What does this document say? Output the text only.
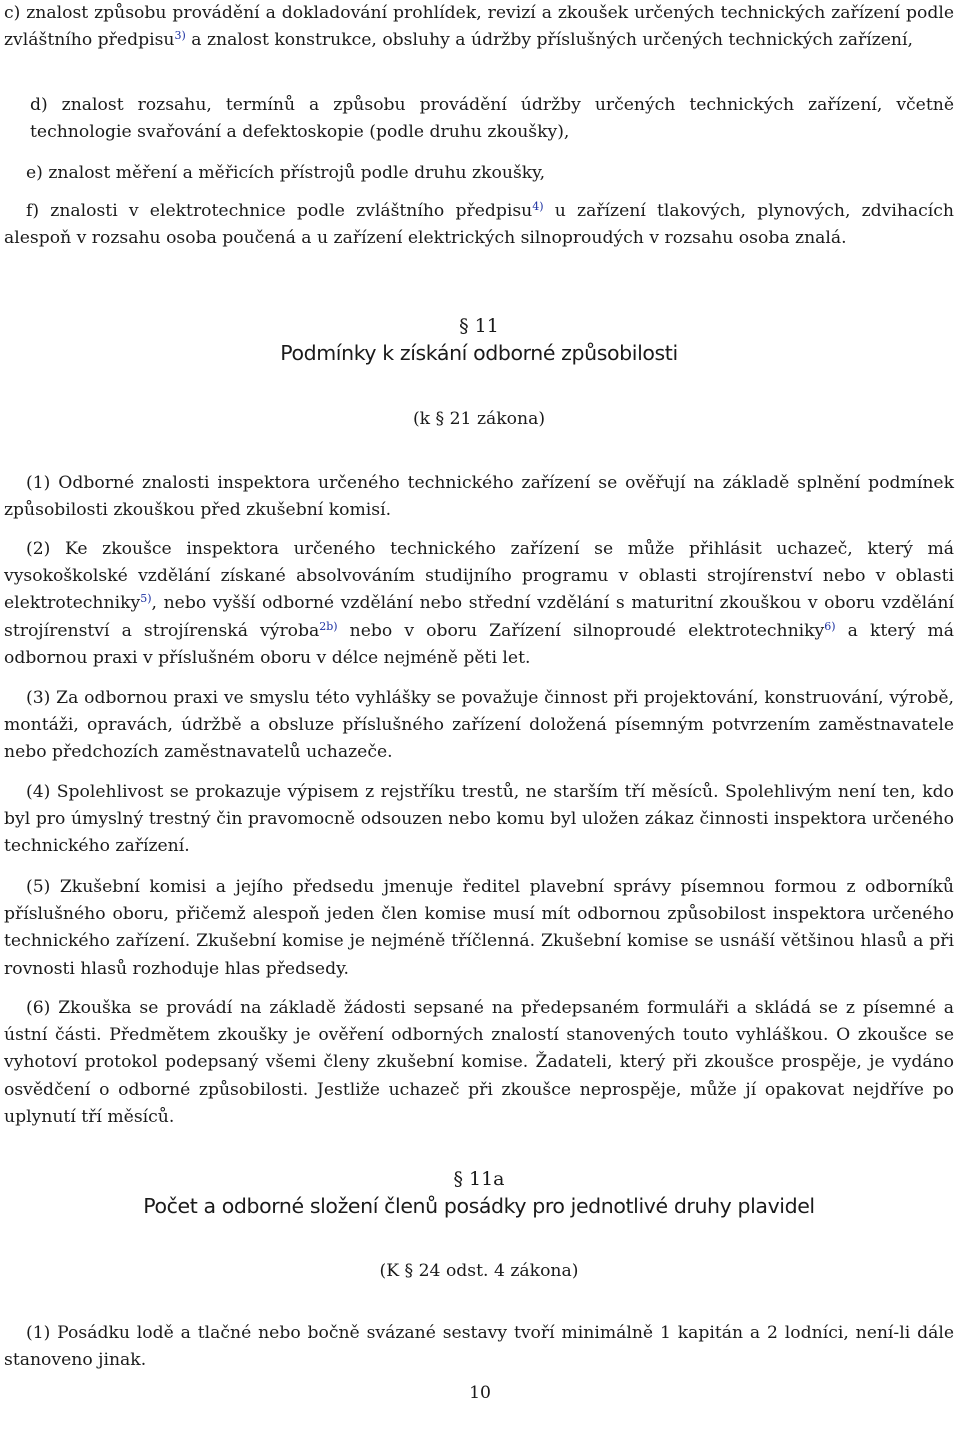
c) znalost způsobu provádění a dokladování prohlídek, revizí a zkoušek určených technických zařízení podle zvláštního předpisu$^{3)}$ a znalost konstrukce, obsluhy a údržby příslušných určených technických zařízení,

d) znalost rozsahu, termínů a způsobu provádění údržby určených technických zařízení, včetně technologie svařování a defektoskopie (podle druhu zkoušky),

e) znalost měření a měřicích přístrojů podle druhu zkoušky,

f) znalosti v elektrotechnice podle zvláštního předpisu$^{4)}$ u zařízení tlakových, plynových, zdvihacích alespoň v rozsahu osoba poučená a u zařízení elektrických silnoproudých v rozsahu osoba znalá.

§ 11

Podmínky k získání odborné způsobilosti

(k § 21 zákona)

(1) Odborné znalosti inspektora určeného technického zařízení se ověřují na základě splnění podmínek způsobilosti zkouškou před zkušební komisí.

(2) Ke zkoušce inspektora určeného technického zařízení se může přihlásit uchazeč, který má vysokoškolské vzdělání získané absolvováním studijního programu v oblasti strojírenství nebo v oblasti elektrotechniky$^{5)}$, nebo vyšší odborné vzdělání nebo střední vzdělání s maturitní zkouškou v oboru vzdělání strojírenství a strojírenská výroba$^{2b)}$ nebo v oboru Zařízení silnoproudé elektrotechniky$^{6)}$ a který má odbornou praxi v příslušném oboru v délce nejméně pěti let.

(3) Za odbornou praxi ve smyslu této vyhlášky se považuje činnost při projektování, konstruování, výrobě, montáži, opravách, údržbě a obsluze příslušného zařízení doložená písemným potvrzením zaměstnavatele nebo předchozích zaměstnavatelů uchazeče.

(4) Spolehlivost se prokazuje výpisem z rejstříku trestů, ne starším tří měsíců. Spolehlivým není ten, kdo byl pro úmyslný trestný čin pravomocně odsouzen nebo komu byl uložen zákaz činnosti inspektora určeného technického zařízení.

(5) Zkušební komisi a jejího předsedu jmenuje ředitel plavební správy písemnou formou z odborníků příslušného oboru, přičemž alespoň jeden člen komise musí mít odbornou způsobilost inspektora určeného technického zařízení. Zkušební komise je nejméně tříčlenná. Zkušební komise se usnáší většinou hlasů a při rovnosti hlasů rozhoduje hlas předsedy.

(6) Zkouška se provádí na základě žádosti sepsané na předepsaném formuláři a skládá se z písemné a ústní části. Předmětem zkoušky je ověření odborných znalostí stanovených touto vyhláškou. O zkoušce se vyhotoví protokol podepsaný všemi členy zkušební komise. Žadateli, který při zkoušce prospěje, je vydáno osvědčení o odborné způsobilosti. Jestliže uchazeč při zkoušce neprospěje, může jí opakovat nejdříve po uplynutí tří měsíců.

§ 11a

Počet a odborné složení členů posádky pro jednotlivé druhy plavidel

(K § 24 odst. 4 zákona)

(1) Posádku lodě a tlačné nebo bočně svázané sestavy tvoří minimálně 1 kapitán a 2 lodníci, není-li dále stanoveno jinak.

10
